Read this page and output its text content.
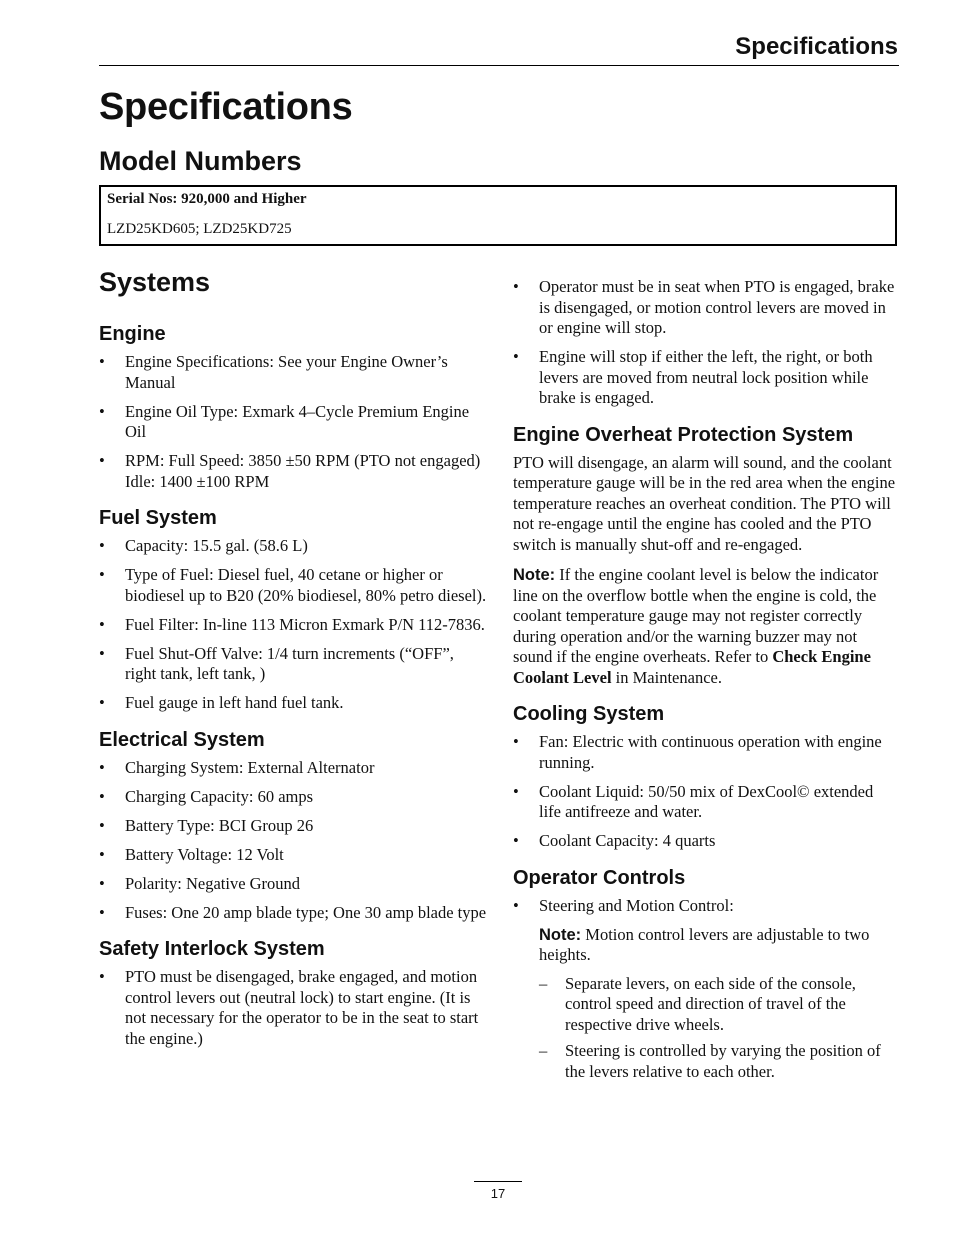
Specifications
Specifications
Model Numbers
Serial Nos: 920,000 and Higher
LZD25KD605; LZD25KD725
Systems
Engine
• Engine Specifications: See your Engine Owner’s Manual
• Engine Oil Type: Exmark 4–Cycle Premium Engine Oil
• RPM: Full Speed: 3850 ±50 RPM (PTO not engaged) Idle: 1400 ±100 RPM
Fuel System
• Capacity: 15.5 gal. (58.6 L)
• Type of Fuel: Diesel fuel, 40 cetane or higher or biodiesel up to B20 (20% biodiesel, 80% petro diesel).
• Fuel Filter: In-line 113 Micron Exmark P/N 112-7836.
• Fuel Shut-Off Valve: 1/4 turn increments (“OFF”, right tank, left tank, )
• Fuel gauge in left hand fuel tank.
Electrical System
• Charging System: External Alternator
• Charging Capacity: 60 amps
• Battery Type: BCI Group 26
• Battery Voltage: 12 Volt
• Polarity: Negative Ground
• Fuses: One 20 amp blade type; One 30 amp blade type
Safety Interlock System
• PTO must be disengaged, brake engaged, and motion control levers out (neutral lock) to start engine. (It is not necessary for the operator to be in the seat to start the engine.)
• Operator must be in seat when PTO is engaged, brake is disengaged, or motion control levers are moved in or engine will stop.
• Engine will stop if either the left, the right, or both levers are moved from neutral lock position while brake is engaged.
Engine Overheat Protection System

PTO will disengage, an alarm will sound, and the coolant temperature gauge will be in the red area when the engine temperature reaches an overheat condition. The PTO will not re-engage until the engine has cooled and the PTO switch is manually shut-off and re-engaged.

Note: If the engine coolant level is below the indicator line on the overflow bottle when the engine is cold, the coolant temperature gauge may not register correctly during operation and/or the warning buzzer may not sound if the engine overheats. Refer to Check Engine Coolant Level in Maintenance.

Cooling System
• Fan: Electric with continuous operation with engine running.
• Coolant Liquid: 50/50 mix of DexCool© extended life antifreeze and water.
• Coolant Capacity: 4 quarts
Operator Controls
• Steering and Motion Control:

Note: Motion control levers are adjustable to two heights.

– Separate levers, on each side of the console, control speed and direction of travel of the respective drive wheels.
– Steering is controlled by varying the position of the levers relative to each other.
17
